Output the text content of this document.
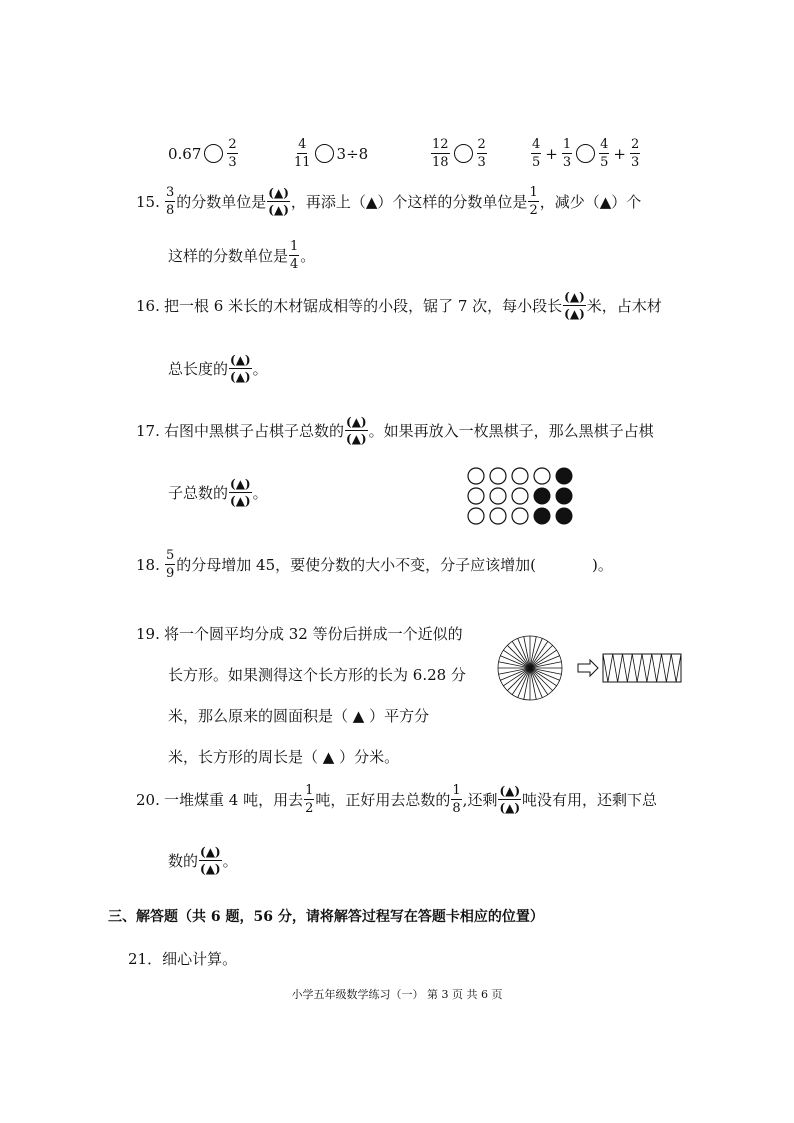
$0.67 \frac{2}{3}$	$\frac{4}{11} 3\div 8$	$\frac{12}{18} \frac{2}{3}$	$\frac{4}{5} + \frac{1}{3} \frac{4}{5} + \frac{2}{3}$
15. $\frac{3}{8}$ 的分数单位是 $\frac{(▲)}{(▲)}$ ，再添上（▲）个这样的分数单位是 $\frac{1}{2}$ ，减少（▲）个
这样的分数单位是 $\frac{1}{4}$ 。
16. 把一根 6 米长的木材锯成相等的小段，锯了 7 次，每小段长 $\frac{(▲)}{(▲)}$ 米，占木材
总长度的 $\frac{(▲)}{(▲)}$ 。
17. 右图中黑棋子占棋子总数的 $\frac{(▲)}{(▲)}$ 。如果再放入一枚黑棋子，那么黑棋子占棋
子总数的 $\frac{(▲)}{(▲)}$ 。
18. $\frac{5}{9}$ 的分母增加 45，要使分数的大小不变，分子应该增加(	)。
19. 将一个圆平均分成 32 等份后拼成一个近似的
长方形。如果测得这个长方形的长为 6.28 分
米，那么原来的圆面积是（ ▲ ）平方分
米，长方形的周长是（ ▲ ）分米。
20. 一堆煤重 4 吨，用去 $\frac{1}{2}$ 吨，正好用去总数的 $\frac{1}{8}$ ,还剩 $\frac{(▲)}{(▲)}$ 吨没有用，还剩下总
数的 $\frac{(▲)}{(▲)}$ 。
三、解答题（共 6 题，56 分，请将解答过程写在答题卡相应的位置）
21．细心计算。
小学五年级数学练习（一） 第 3 页 共 6 页
